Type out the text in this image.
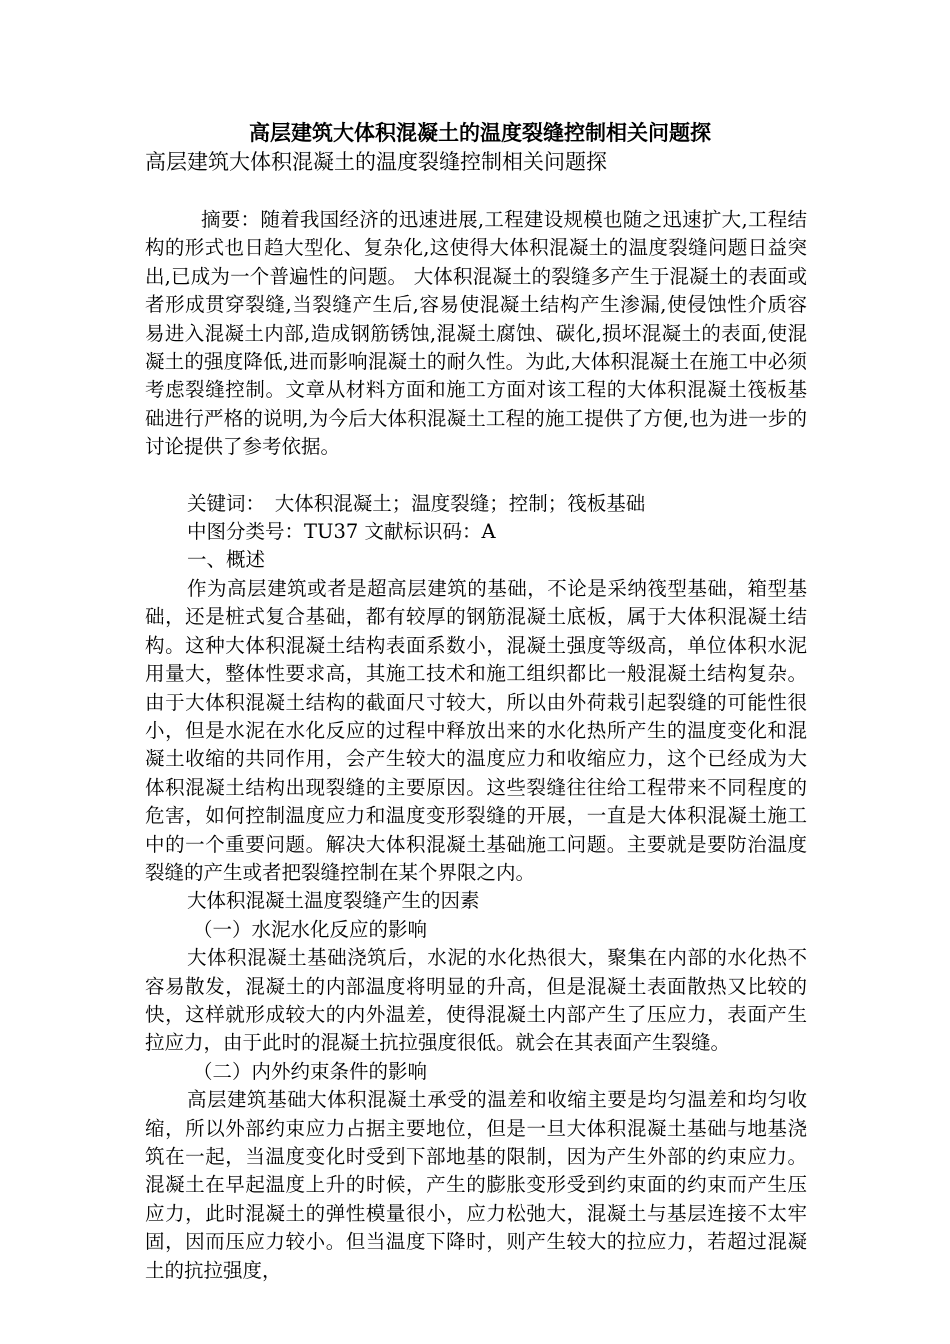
高层建筑大体积混凝土的温度裂缝控制相关问题探

高层建筑大体积混凝土的温度裂缝控制相关问题探

摘要：随着我国经济的迅速进展,工程建设规模也随之迅速扩大,工程结构的形式也日趋大型化、复杂化,这使得大体积混凝土的温度裂缝问题日益突出,已成为一个普遍性的问题。 大体积混凝土的裂缝多产生于混凝土的表面或者形成贯穿裂缝,当裂缝产生后,容易使混凝土结构产生渗漏,使侵蚀性介质容易进入混凝土内部,造成钢筋锈蚀,混凝土腐蚀、碳化,损坏混凝土的表面,使混凝土的强度降低,进而影响混凝土的耐久性。为此,大体积混凝土在施工中必须考虑裂缝控制。文章从材料方面和施工方面对该工程的大体积混凝土筏板基础进行严格的说明,为今后大体积混凝土工程的施工提供了方便,也为进一步的讨论提供了参考依据。

关键词：　大体积混凝土；温度裂缝；控制；筏板基础

中图分类号：TU37 文献标识码：A

一、概述

作为高层建筑或者是超高层建筑的基础，不论是采纳筏型基础，箱型基础，还是桩式复合基础，都有较厚的钢筋混凝土底板，属于大体积混凝土结构。这种大体积混凝土结构表面系数小，混凝土强度等级高，单位体积水泥用量大，整体性要求高，其施工技术和施工组织都比一般混凝土结构复杂。由于大体积混凝土结构的截面尺寸较大，所以由外荷栽引起裂缝的可能性很小，但是水泥在水化反应的过程中释放出来的水化热所产生的温度变化和混凝土收缩的共同作用，会产生较大的温度应力和收缩应力，这个已经成为大体积混凝土结构出现裂缝的主要原因。这些裂缝往往给工程带来不同程度的危害，如何控制温度应力和温度变形裂缝的开展，一直是大体积混凝土施工中的一个重要问题。解决大体积混凝土基础施工问题。主要就是要防治温度裂缝的产生或者把裂缝控制在某个界限之内。

大体积混凝土温度裂缝产生的因素

（一）水泥水化反应的影响

大体积混凝土基础浇筑后，水泥的水化热很大，聚集在内部的水化热不容易散发，混凝土的内部温度将明显的升高，但是混凝土表面散热又比较的快，这样就形成较大的内外温差，使得混凝土内部产生了压应力，表面产生拉应力，由于此时的混凝土抗拉强度很低。就会在其表面产生裂缝。

（二）内外约束条件的影响

高层建筑基础大体积混凝土承受的温差和收缩主要是均匀温差和均匀收缩，所以外部约束应力占据主要地位，但是一旦大体积混凝土基础与地基浇筑在一起，当温度变化时受到下部地基的限制，因为产生外部的约束应力。混凝土在早起温度上升的时候，产生的膨胀变形受到约束面的约束而产生压应力，此时混凝土的弹性模量很小，应力松弛大，混凝土与基层连接不太牢固，因而压应力较小。但当温度下降时，则产生较大的拉应力，若超过混凝土的抗拉强度，
